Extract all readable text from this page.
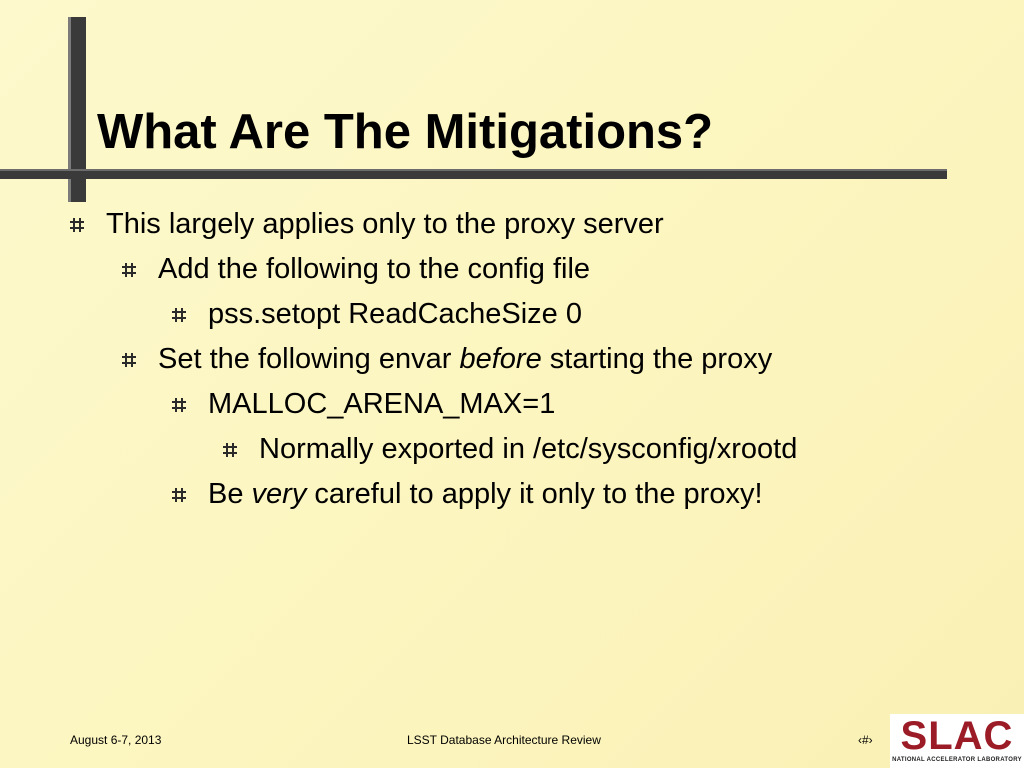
What Are The Mitigations?
This largely applies only to the proxy server
Add the following to the config file
pss.setopt ReadCacheSize 0
Set the following envar before starting the proxy
MALLOC_ARENA_MAX=1
Normally exported in /etc/sysconfig/xrootd
Be very careful to apply it only to the proxy!
August 6-7, 2013	LSST Database Architecture Review	‹#› SLAC
NATIONAL ACCELERATOR LABORATORY
